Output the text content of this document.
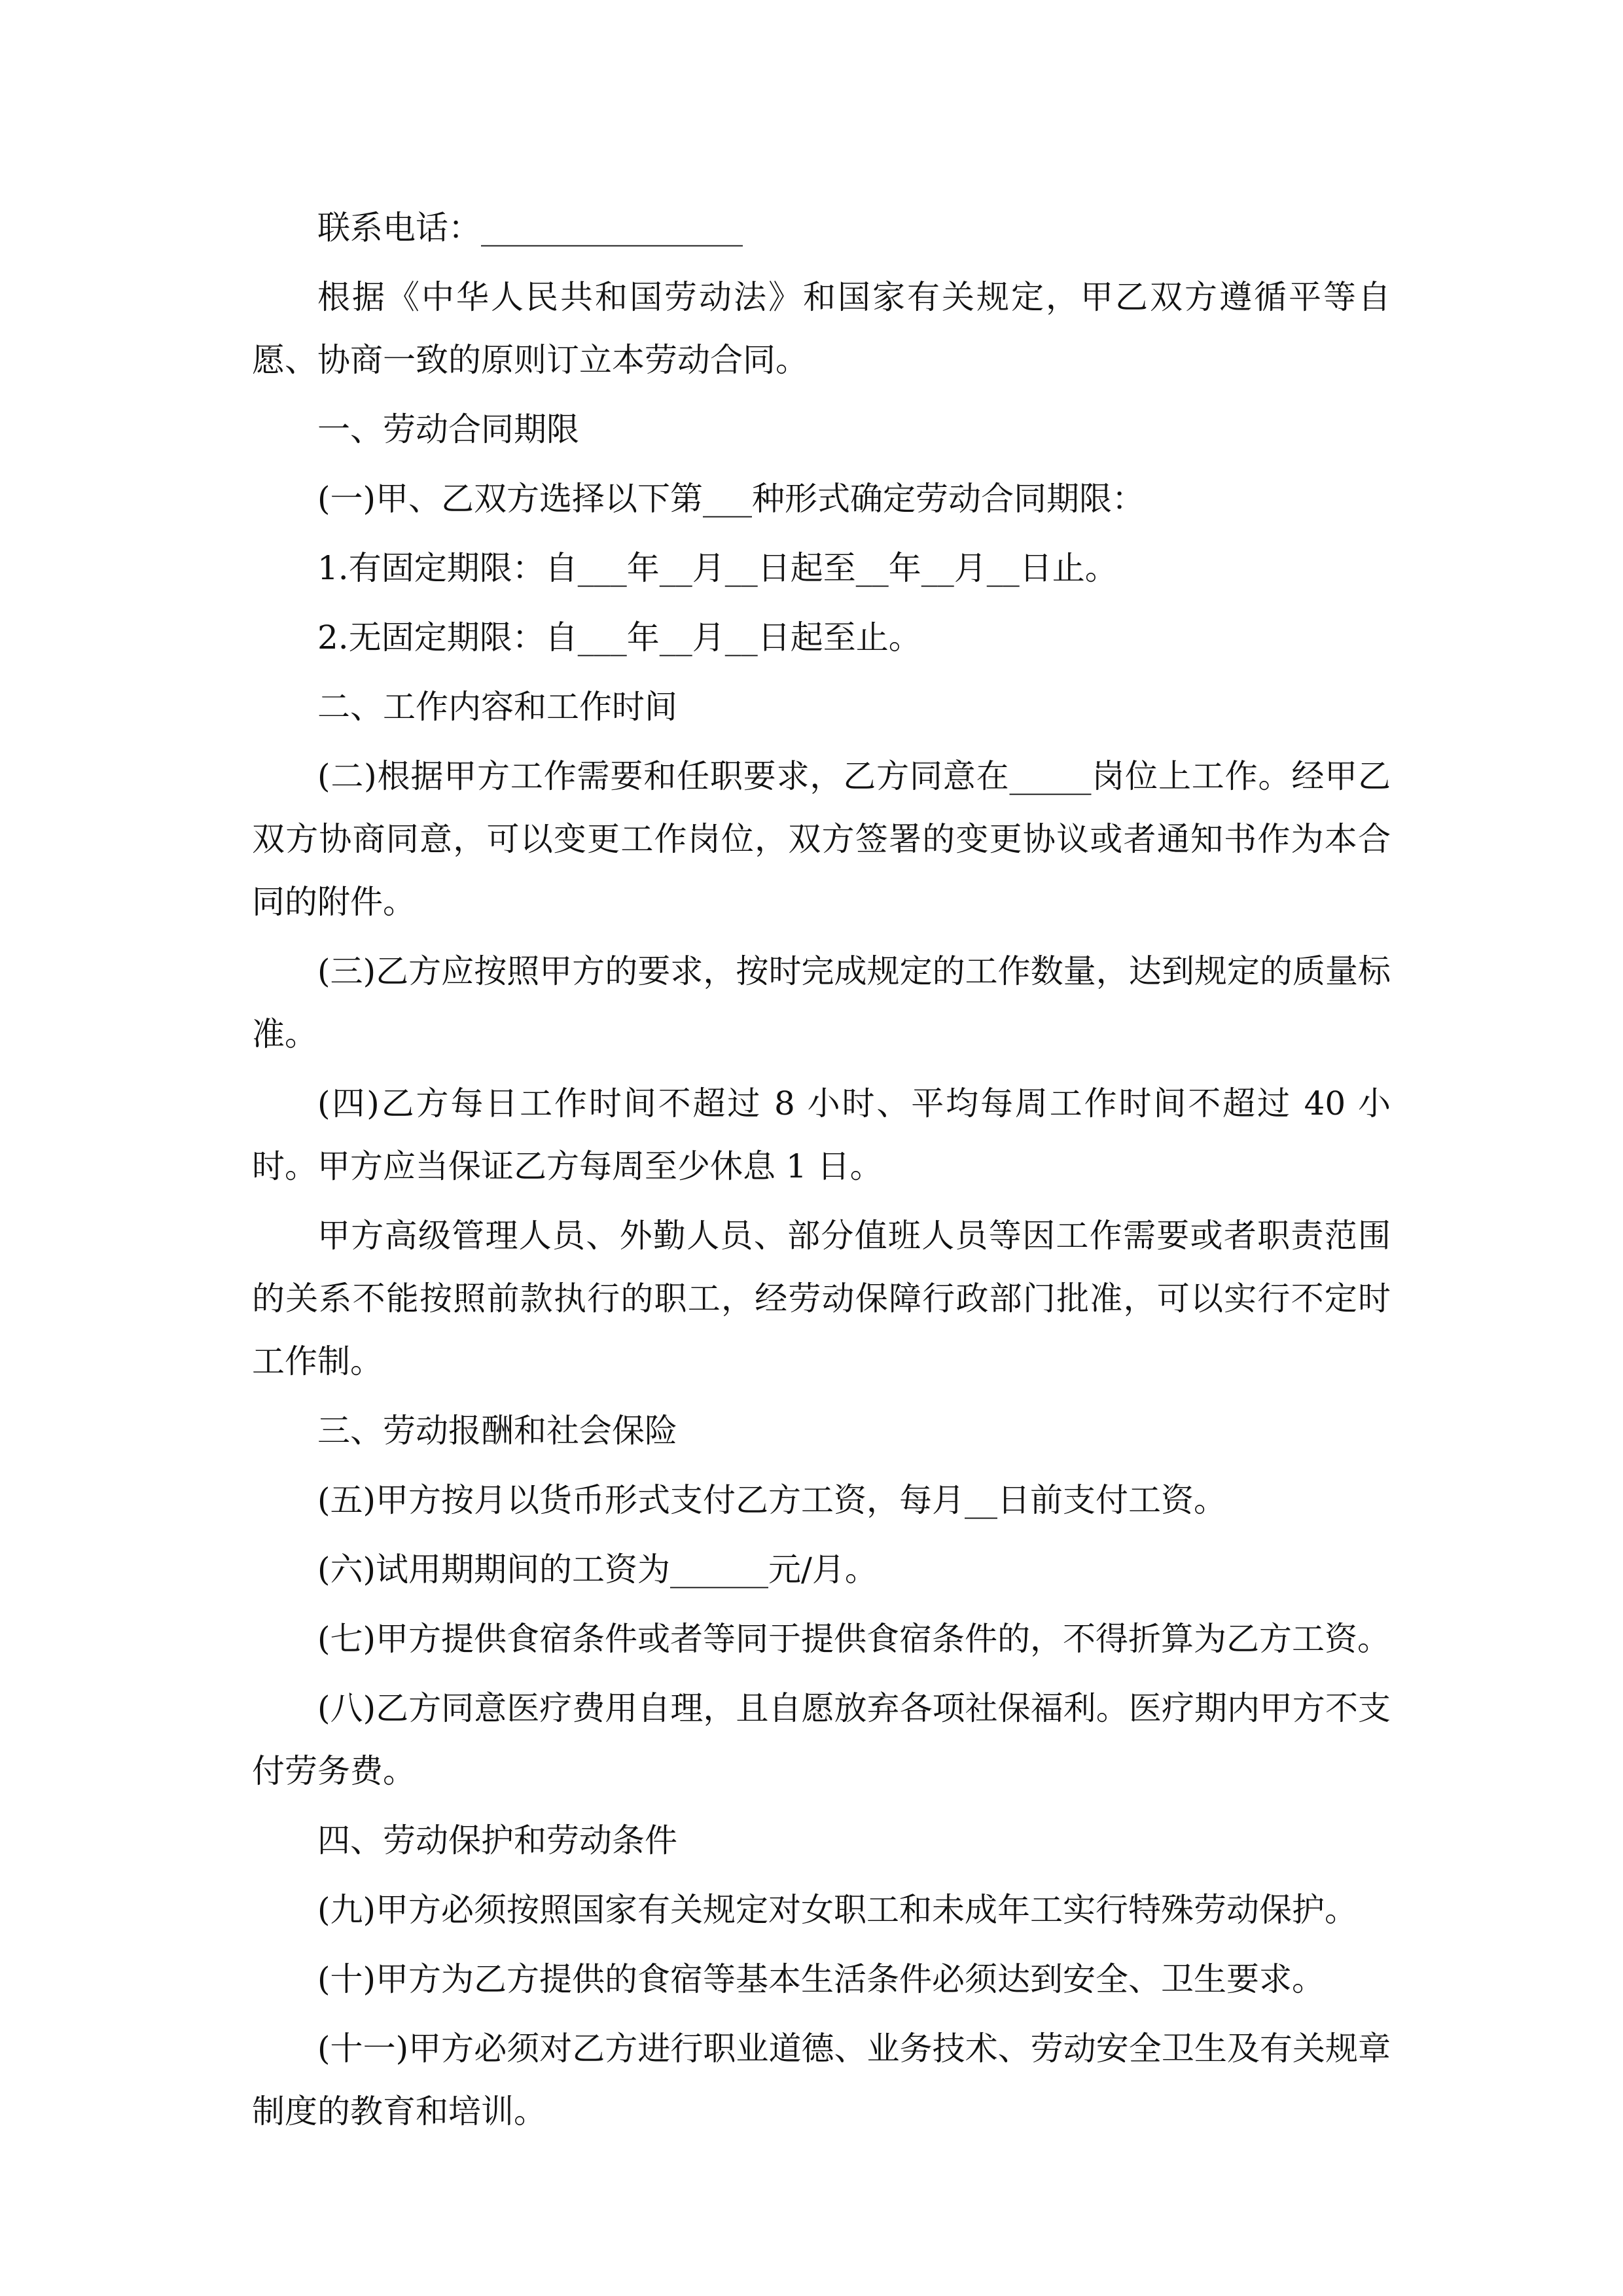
联系电话：________________

根据《中华人民共和国劳动法》和国家有关规定，甲乙双方遵循平等自愿、协商一致的原则订立本劳动合同。

一、劳动合同期限

(一)甲、乙双方选择以下第___种形式确定劳动合同期限：

1.有固定期限：自___年__月__日起至__年__月__日止。

2.无固定期限：自___年__月__日起至止。

二、工作内容和工作时间

(二)根据甲方工作需要和任职要求，乙方同意在_____岗位上工作。经甲乙双方协商同意，可以变更工作岗位，双方签署的变更协议或者通知书作为本合同的附件。

(三)乙方应按照甲方的要求，按时完成规定的工作数量，达到规定的质量标准。

(四)乙方每日工作时间不超过 8 小时、平均每周工作时间不超过 40 小时。甲方应当保证乙方每周至少休息 1 日。

甲方高级管理人员、外勤人员、部分值班人员等因工作需要或者职责范围的关系不能按照前款执行的职工，经劳动保障行政部门批准，可以实行不定时工作制。

三、劳动报酬和社会保险

(五)甲方按月以货币形式支付乙方工资，每月__日前支付工资。

(六)试用期期间的工资为______元/月。

(七)甲方提供食宿条件或者等同于提供食宿条件的，不得折算为乙方工资。

(八)乙方同意医疗费用自理，且自愿放弃各项社保福利。医疗期内甲方不支付劳务费。

四、劳动保护和劳动条件

(九)甲方必须按照国家有关规定对女职工和未成年工实行特殊劳动保护。

(十)甲方为乙方提供的食宿等基本生活条件必须达到安全、卫生要求。

(十一)甲方必须对乙方进行职业道德、业务技术、劳动安全卫生及有关规章制度的教育和培训。
